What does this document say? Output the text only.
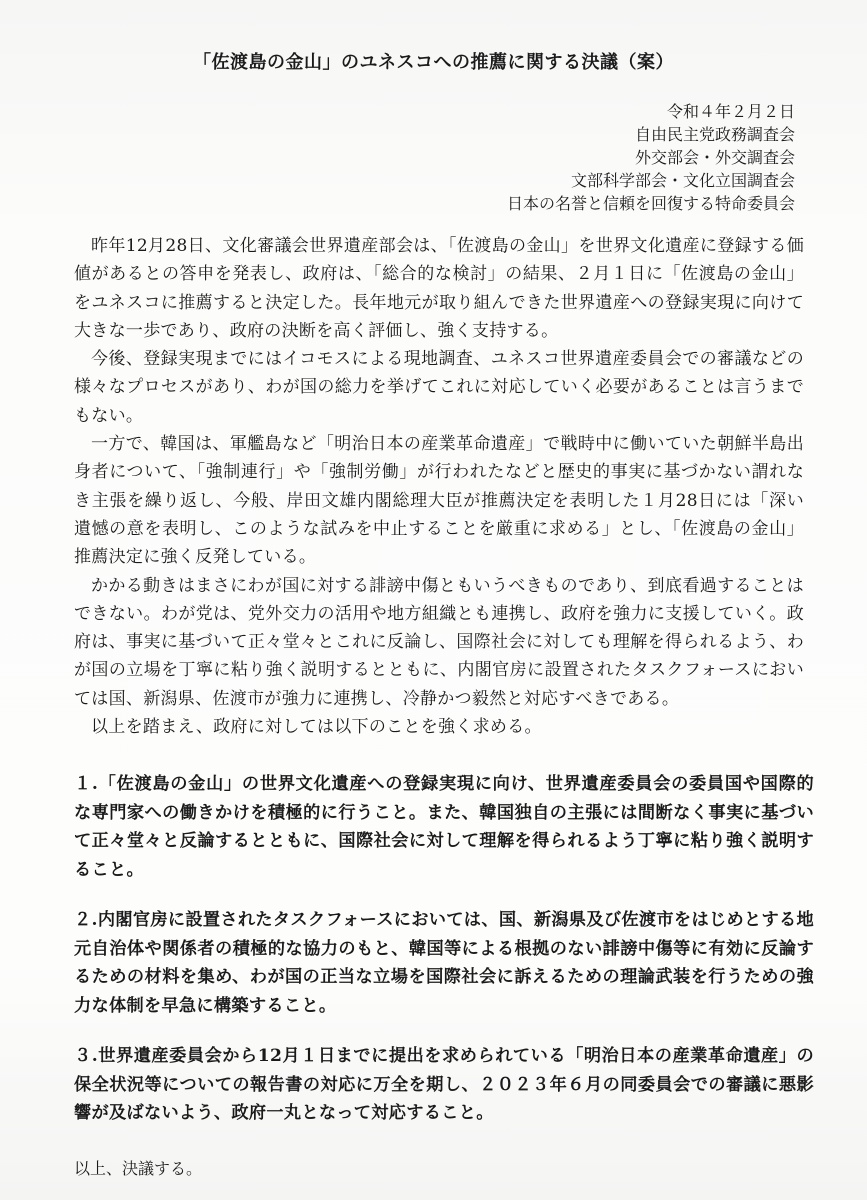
「佐渡島の金山」のユネスコへの推薦に関する決議（案）
令和４年２月２日
自由民主党政務調査会
外交部会・外交調査会
文部科学部会・文化立国調査会
日本の名誉と信頼を回復する特命委員会

昨年12月28日、文化審議会世界遺産部会は、「佐渡島の金山」を世界文化遺産に登録する価値があるとの答申を発表し、政府は、「総合的な検討」の結果、２月１日に「佐渡島の金山」をユネスコに推薦すると決定した。長年地元が取り組んできた世界遺産への登録実現に向けて大きな一歩であり、政府の決断を高く評価し、強く支持する。

今後、登録実現までにはイコモスによる現地調査、ユネスコ世界遺産委員会での審議などの様々なプロセスがあり、わが国の総力を挙げてこれに対応していく必要があることは言うまでもない。

一方で、韓国は、軍艦島など「明治日本の産業革命遺産」で戦時中に働いていた朝鮮半島出身者について、「強制連行」や「強制労働」が行われたなどと歴史的事実に基づかない謂れなき主張を繰り返し、今般、岸田文雄内閣総理大臣が推薦決定を表明した１月28日には「深い遺憾の意を表明し、このような試みを中止することを厳重に求める」とし、「佐渡島の金山」推薦決定に強く反発している。

かかる動きはまさにわが国に対する誹謗中傷ともいうべきものであり、到底看過することはできない。わが党は、党外交力の活用や地方組織とも連携し、政府を強力に支援していく。政府は、事実に基づいて正々堂々とこれに反論し、国際社会に対しても理解を得られるよう、わが国の立場を丁寧に粘り強く説明するとともに、内閣官房に設置されたタスクフォースにおいては国、新潟県、佐渡市が強力に連携し、冷静かつ毅然と対応すべきである。

以上を踏まえ、政府に対しては以下のことを強く求める。

１.「佐渡島の金山」の世界文化遺産への登録実現に向け、世界遺産委員会の委員国や国際的な専門家への働きかけを積極的に行うこと。また、韓国独自の主張には間断なく事実に基づいて正々堂々と反論するとともに、国際社会に対して理解を得られるよう丁寧に粘り強く説明すること。

２.内閣官房に設置されたタスクフォースにおいては、国、新潟県及び佐渡市をはじめとする地元自治体や関係者の積極的な協力のもと、韓国等による根拠のない誹謗中傷等に有効に反論するための材料を集め、わが国の正当な立場を国際社会に訴えるための理論武装を行うための強力な体制を早急に構築すること。

３.世界遺産委員会から12月１日までに提出を求められている「明治日本の産業革命遺産」の保全状況等についての報告書の対応に万全を期し、２０２３年６月の同委員会での審議に悪影響が及ばないよう、政府一丸となって対応すること。

以上、決議する。
